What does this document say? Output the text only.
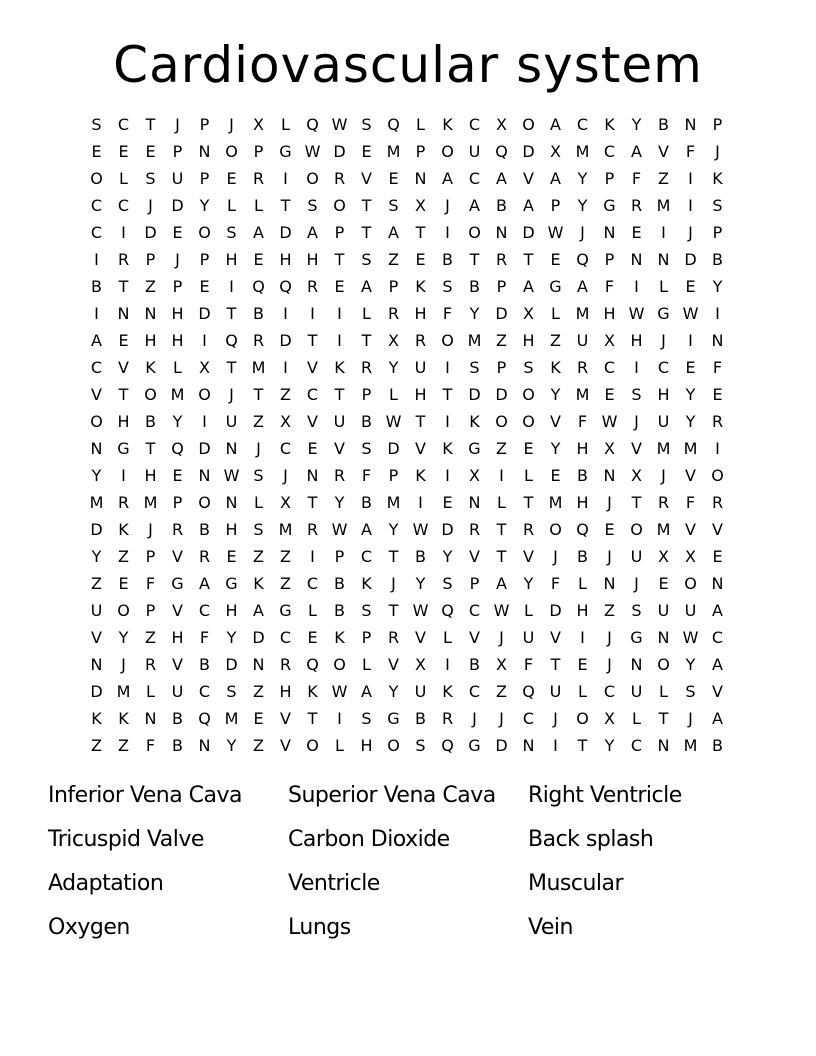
Cardiovascular system
S	C	T	J	P	J	X	L	Q W S Q	L	K	C X O A C	K	Y	B N	P
E	E	E	P	N O P G W D E M P O U Q D X M C A	V	F	J
O	L	S	U	P	E	R	I	O R V	E N A C A	V	A	Y	P	F	Z	I	K
C C	J	D Y	L	L	T	S O T	S	X	J	A	B	A	P	Y G R M	I	S
C	I	D E O S	A D A	P	T	A	T	I	O N D W	J	N E	I	J	P
I	R	P	J	P	H E H H	T	S	Z	E	B	T	R	T	E Q P	N N D B
B	T	Z	P	E	I	Q Q R	E	A	P	K	S	B	P	A G A	F	I	L	E	Y
I	N N H D T	B	I	I	I	L	R H	F	Y D X	L M H W G W	I
A	E H H	I	Q R D T	I	T	X R O M Z H Z U X H	J	I	N
C V	K	L	X	T M	I	V	K	R	Y	U	I	S	P	S	K	R C	I	C	E	F
V	T O M O	J	T	Z C	T	P	L	H	T D D O Y M E	S H	Y	E
O H B	Y	I	U Z	X	V U B W T	I	K O O V	F W	J	U	Y	R
N G T Q D N	J	C	E	V	S D V	K G Z	E	Y	H X	V M M	I
Y	I	H E N W S	J	N R	F	P	K	I	X	I	L	E	B N X	J	V O
M R M P O N	L	X	T	Y	B M	I	E N	L	T M H	J	T	R	F	R
D K	J	R B H S M R W A	Y W D R	T	R O Q E O M V	V
Y	Z	P	V R	E	Z	Z	I	P	C	T	B	Y	V	T	V	J	B	J	U X	X	E
Z	E	F	G A G K	Z C B	K	J	Y	S	P	A	Y	F	L	N	J	E O N
U O P	V C H A G	L	B	S	T W Q C W L	D H Z	S	U U A
V	Y	Z H	F	Y D C	E	K	P	R V	L	V	J	U V	I	J	G N W C
N	J	R V	B D N R Q O	L	V	X	I	B	X	F	T	E	J	N O Y	A
D M L	U C	S	Z H K W A	Y	U K	C Z Q U	L	C U	L	S	V
K	K N B Q M E	V	T	I	S G B R	J	J	C	J	O X	L	T	J	A
Z	Z	F	B N	Y	Z	V O	L	H O S Q G D N	I	T	Y	C N M B
Inferior Vena Cava	Superior Vena Cava	Right Ventricle
Tricuspid Valve	Carbon Dioxide	Back splash
Adaptation	Ventricle	Muscular
Oxygen	Lungs	Vein
